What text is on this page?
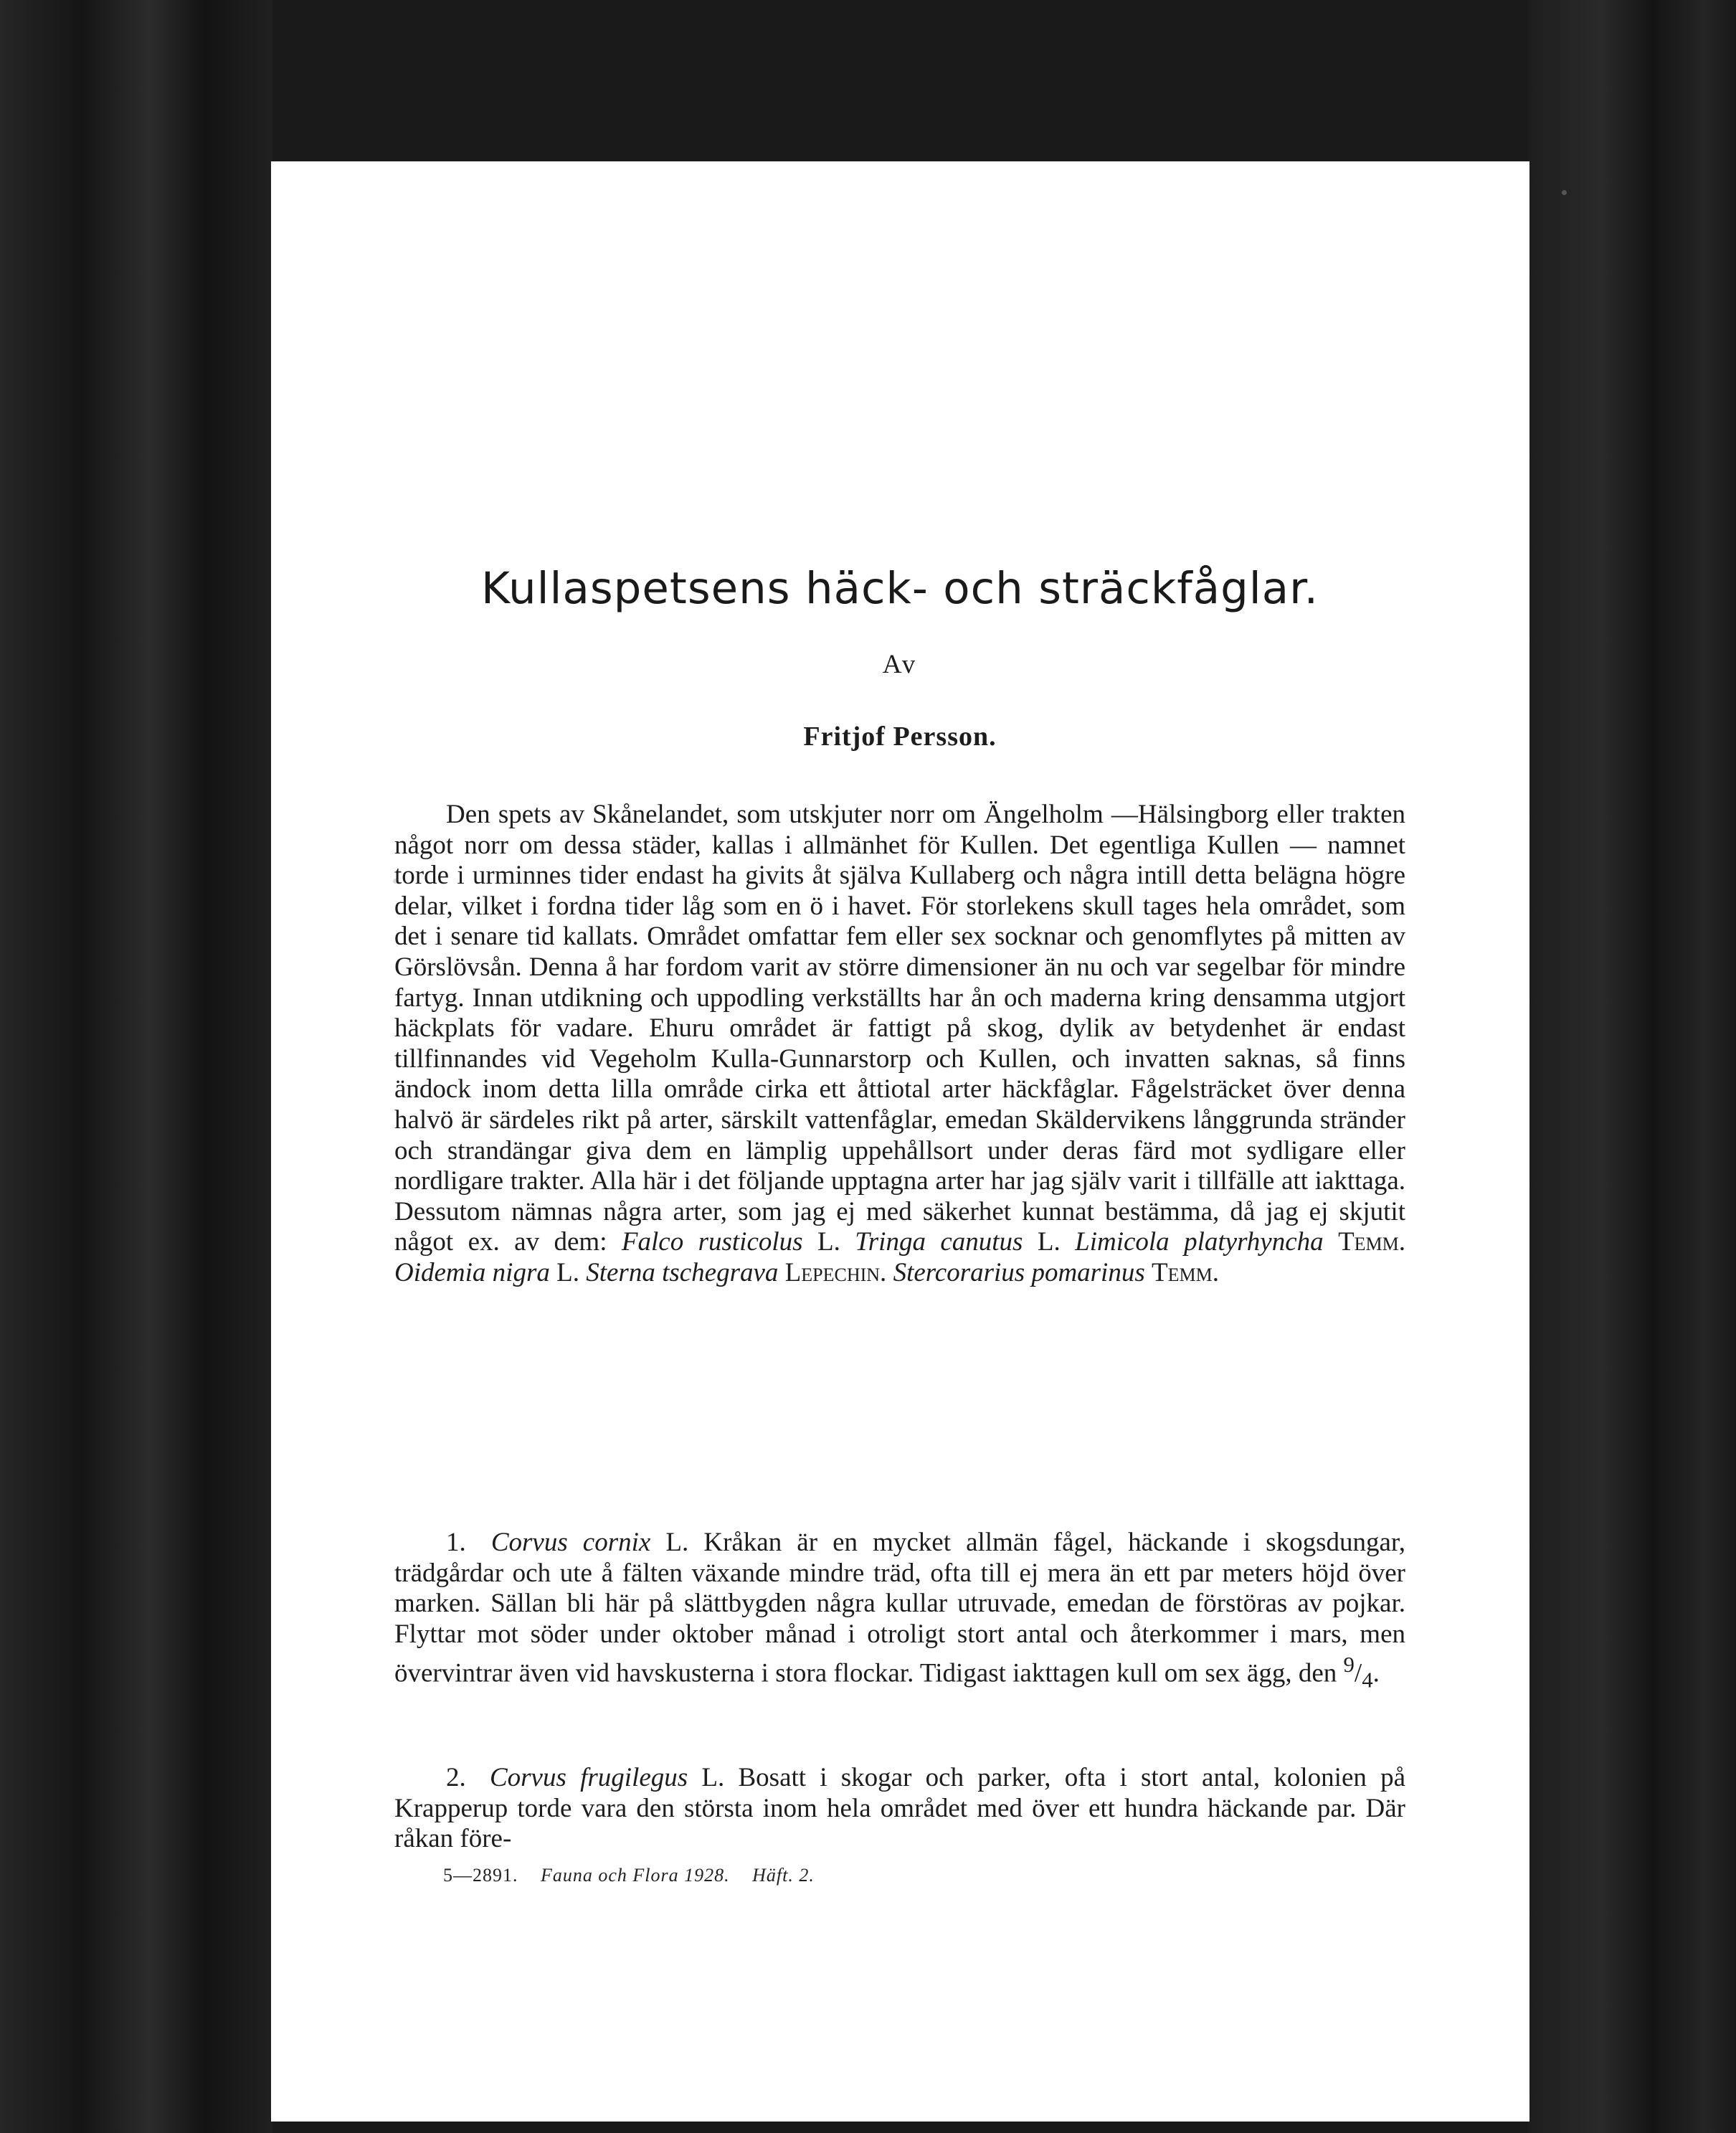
Kullaspetsens häck- och sträckfåglar.
Av
Fritjof Persson.

Den spets av Skånelandet, som utskjuter norr om Ängelholm —Hälsingborg eller trakten något norr om dessa städer, kallas i allmänhet för Kullen. Det egentliga Kullen — namnet torde i urminnes tider endast ha givits åt själva Kullaberg och några intill detta belägna högre delar, vilket i fordna tider låg som en ö i havet. För storlekens skull tages hela området, som det i senare tid kallats. Området omfattar fem eller sex socknar och genomflytes på mitten av Görslövsån. Denna å har fordom varit av större dimensioner än nu och var segelbar för mindre fartyg. Innan utdikning och uppodling verkställts har ån och maderna kring densamma utgjort häckplats för vadare. Ehuru området är fattigt på skog, dylik av betydenhet är endast tillfinnandes vid Vegeholm Kulla-Gunnarstorp och Kullen, och invatten saknas, så finns ändock inom detta lilla område cirka ett åttiotal arter häckfåglar. Fågelsträcket över denna halvö är särdeles rikt på arter, särskilt vattenfåglar, emedan Skäldervikens långgrunda stränder och strandängar giva dem en lämplig uppehållsort under deras färd mot sydligare eller nordligare trakter. Alla här i det följande upptagna arter har jag själv varit i tillfälle att iakttaga. Dessutom nämnas några arter, som jag ej med säkerhet kunnat bestämma, då jag ej skjutit något ex. av dem: Falco rusticolus L. Tringa canutus L. Limicola platyrhyncha Temm. Oidemia nigra L. Sterna tschegrava Lepechin. Stercorarius pomarinus Temm.

1. Corvus cornix L. Kråkan är en mycket allmän fågel, häckande i skogsdungar, trädgårdar och ute å fälten växande mindre träd, ofta till ej mera än ett par meters höjd över marken. Sällan bli här på slättbygden några kullar utruvade, emedan de förstöras av pojkar. Flyttar mot söder under oktober månad i otroligt stort antal och återkommer i mars, men övervintrar även vid havskusterna i stora flockar. Tidigast iakttagen kull om sex ägg, den $^9/_4$.

2. Corvus frugilegus L. Bosatt i skogar och parker, ofta i stort antal, kolonien på Krapperup torde vara den största inom hela området med över ett hundra häckande par. Där råkan före-

5—2891. Fauna och Flora 1928. Häft. 2.
